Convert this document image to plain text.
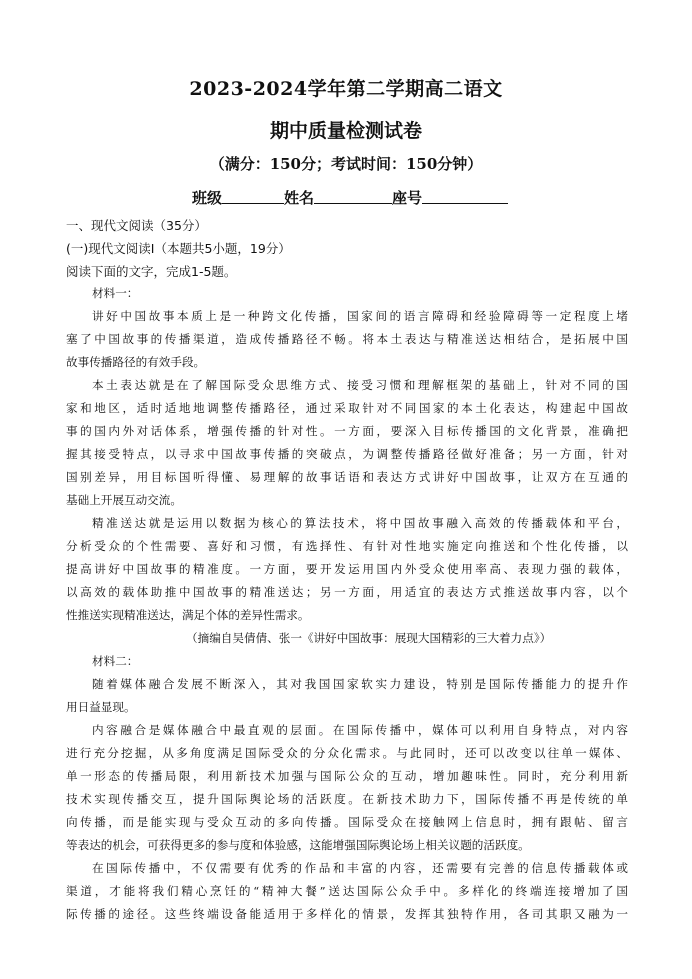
2023-2024学年第二学期高二语文
期中质量检测试卷
（满分：150分；考试时间：150分钟）
班级	姓名	座号
一、现代文阅读（35分）
(一)现代文阅读Ⅰ（本题共5小题，19分）
阅读下面的文字，完成1-5题。
材料一：
讲好中国故事本质上是一种跨文化传播，国家间的语言障碍和经验障碍等一定程度上堵
塞了中国故事的传播渠道，造成传播路径不畅。将本土表达与精准送达相结合，是拓展中国
故事传播路径的有效手段。
本土表达就是在了解国际受众思维方式、接受习惯和理解框架的基础上，针对不同的国
家和地区，适时适地地调整传播路径，通过采取针对不同国家的本土化表达，构建起中国故
事的国内外对话体系，增强传播的针对性。一方面，要深入目标传播国的文化背景，准确把
握其接受特点，以寻求中国故事传播的突破点，为调整传播路径做好准备；另一方面，针对
国别差异，用目标国听得懂、易理解的故事话语和表达方式讲好中国故事，让双方在互通的
基础上开展互动交流。
精准送达就是运用以数据为核心的算法技术，将中国故事融入高效的传播载体和平台，
分析受众的个性需要、喜好和习惯，有选择性、有针对性地实施定向推送和个性化传播，以
提高讲好中国故事的精准度。一方面，要开发运用国内外受众使用率高、表现力强的载体，
以高效的载体助推中国故事的精准送达；另一方面，用适宜的表达方式推送故事内容，以个
性推送实现精准送达，满足个体的差异性需求。
（摘编自吴倩倩、张一《讲好中国故事：展现大国精彩的三大着力点》）
材料二：
随着媒体融合发展不断深入，其对我国国家软实力建设，特别是国际传播能力的提升作
用日益显现。
内容融合是媒体融合中最直观的层面。在国际传播中，媒体可以利用自身特点，对内容
进行充分挖掘，从多角度满足国际受众的分众化需求。与此同时，还可以改变以往单一媒体、
单一形态的传播局限，利用新技术加强与国际公众的互动，增加趣味性。同时，充分利用新
技术实现传播交互，提升国际舆论场的活跃度。在新技术助力下，国际传播不再是传统的单
向传播，而是能实现与受众互动的多向传播。国际受众在接触网上信息时，拥有跟帖、留言
等表达的机会，可获得更多的参与度和体验感，这能增强国际舆论场上相关议题的活跃度。
在国际传播中，不仅需要有优秀的作品和丰富的内容，还需要有完善的信息传播载体或
渠道，才能将我们精心烹饪的“精神大餐”送达国际公众手中。多样化的终端连接增加了国
际传播的途径。这些终端设备能适用于多样化的情景，发挥其独特作用，各司其职又融为一
